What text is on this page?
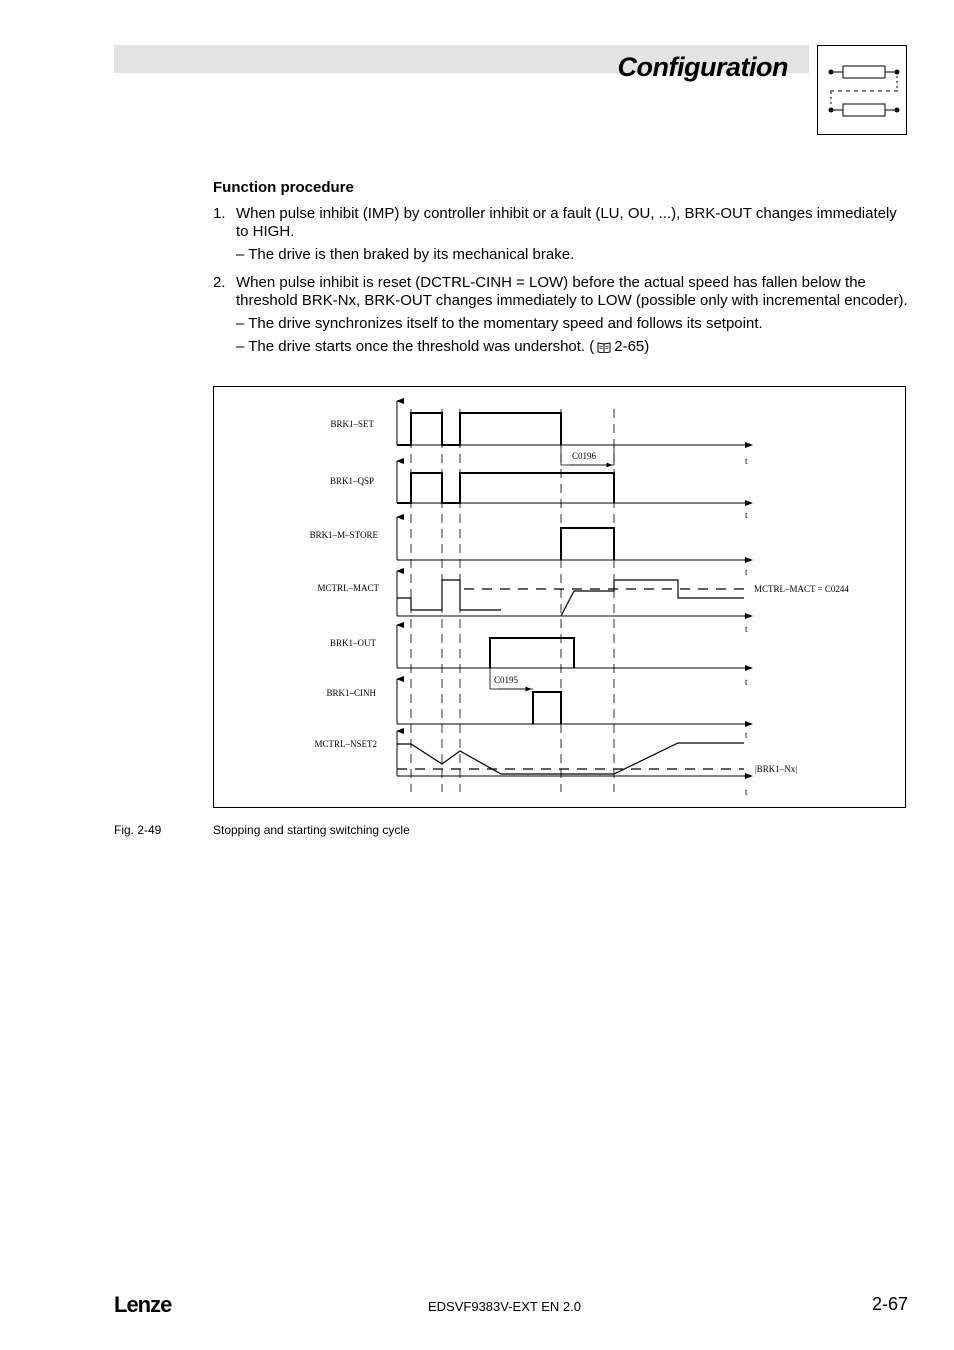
Configuration
Function procedure
1. When pulse inhibit (IMP) by controller inhibit or a fault (LU, OU, ...), BRK-OUT changes immediately to HIGH.
– The drive is then braked by its mechanical brake.
2. When pulse inhibit is reset (DCTRL-CINH = LOW) before the actual speed has fallen below the threshold BRK-Nx, BRK-OUT changes immediately to LOW (possible only with incremental encoder).
– The drive synchronizes itself to the momentary speed and follows its setpoint.
– The drive starts once the threshold was undershot. ( 2-65)
BRK1–SET
BRK1–QSP
BRK1–M–STORE
MCTRL–MACT
BRK1–OUT
BRK1–CINH
MCTRL–NSET2
t
t
t
t
t
t
t
C0196
C0195
MCTRL–MACT = C0244
|BRK1–Nx|
Fig. 2-49	Stopping and starting switching cycle
Lenze	EDSVF9383V-EXT EN 2.0	2-67
